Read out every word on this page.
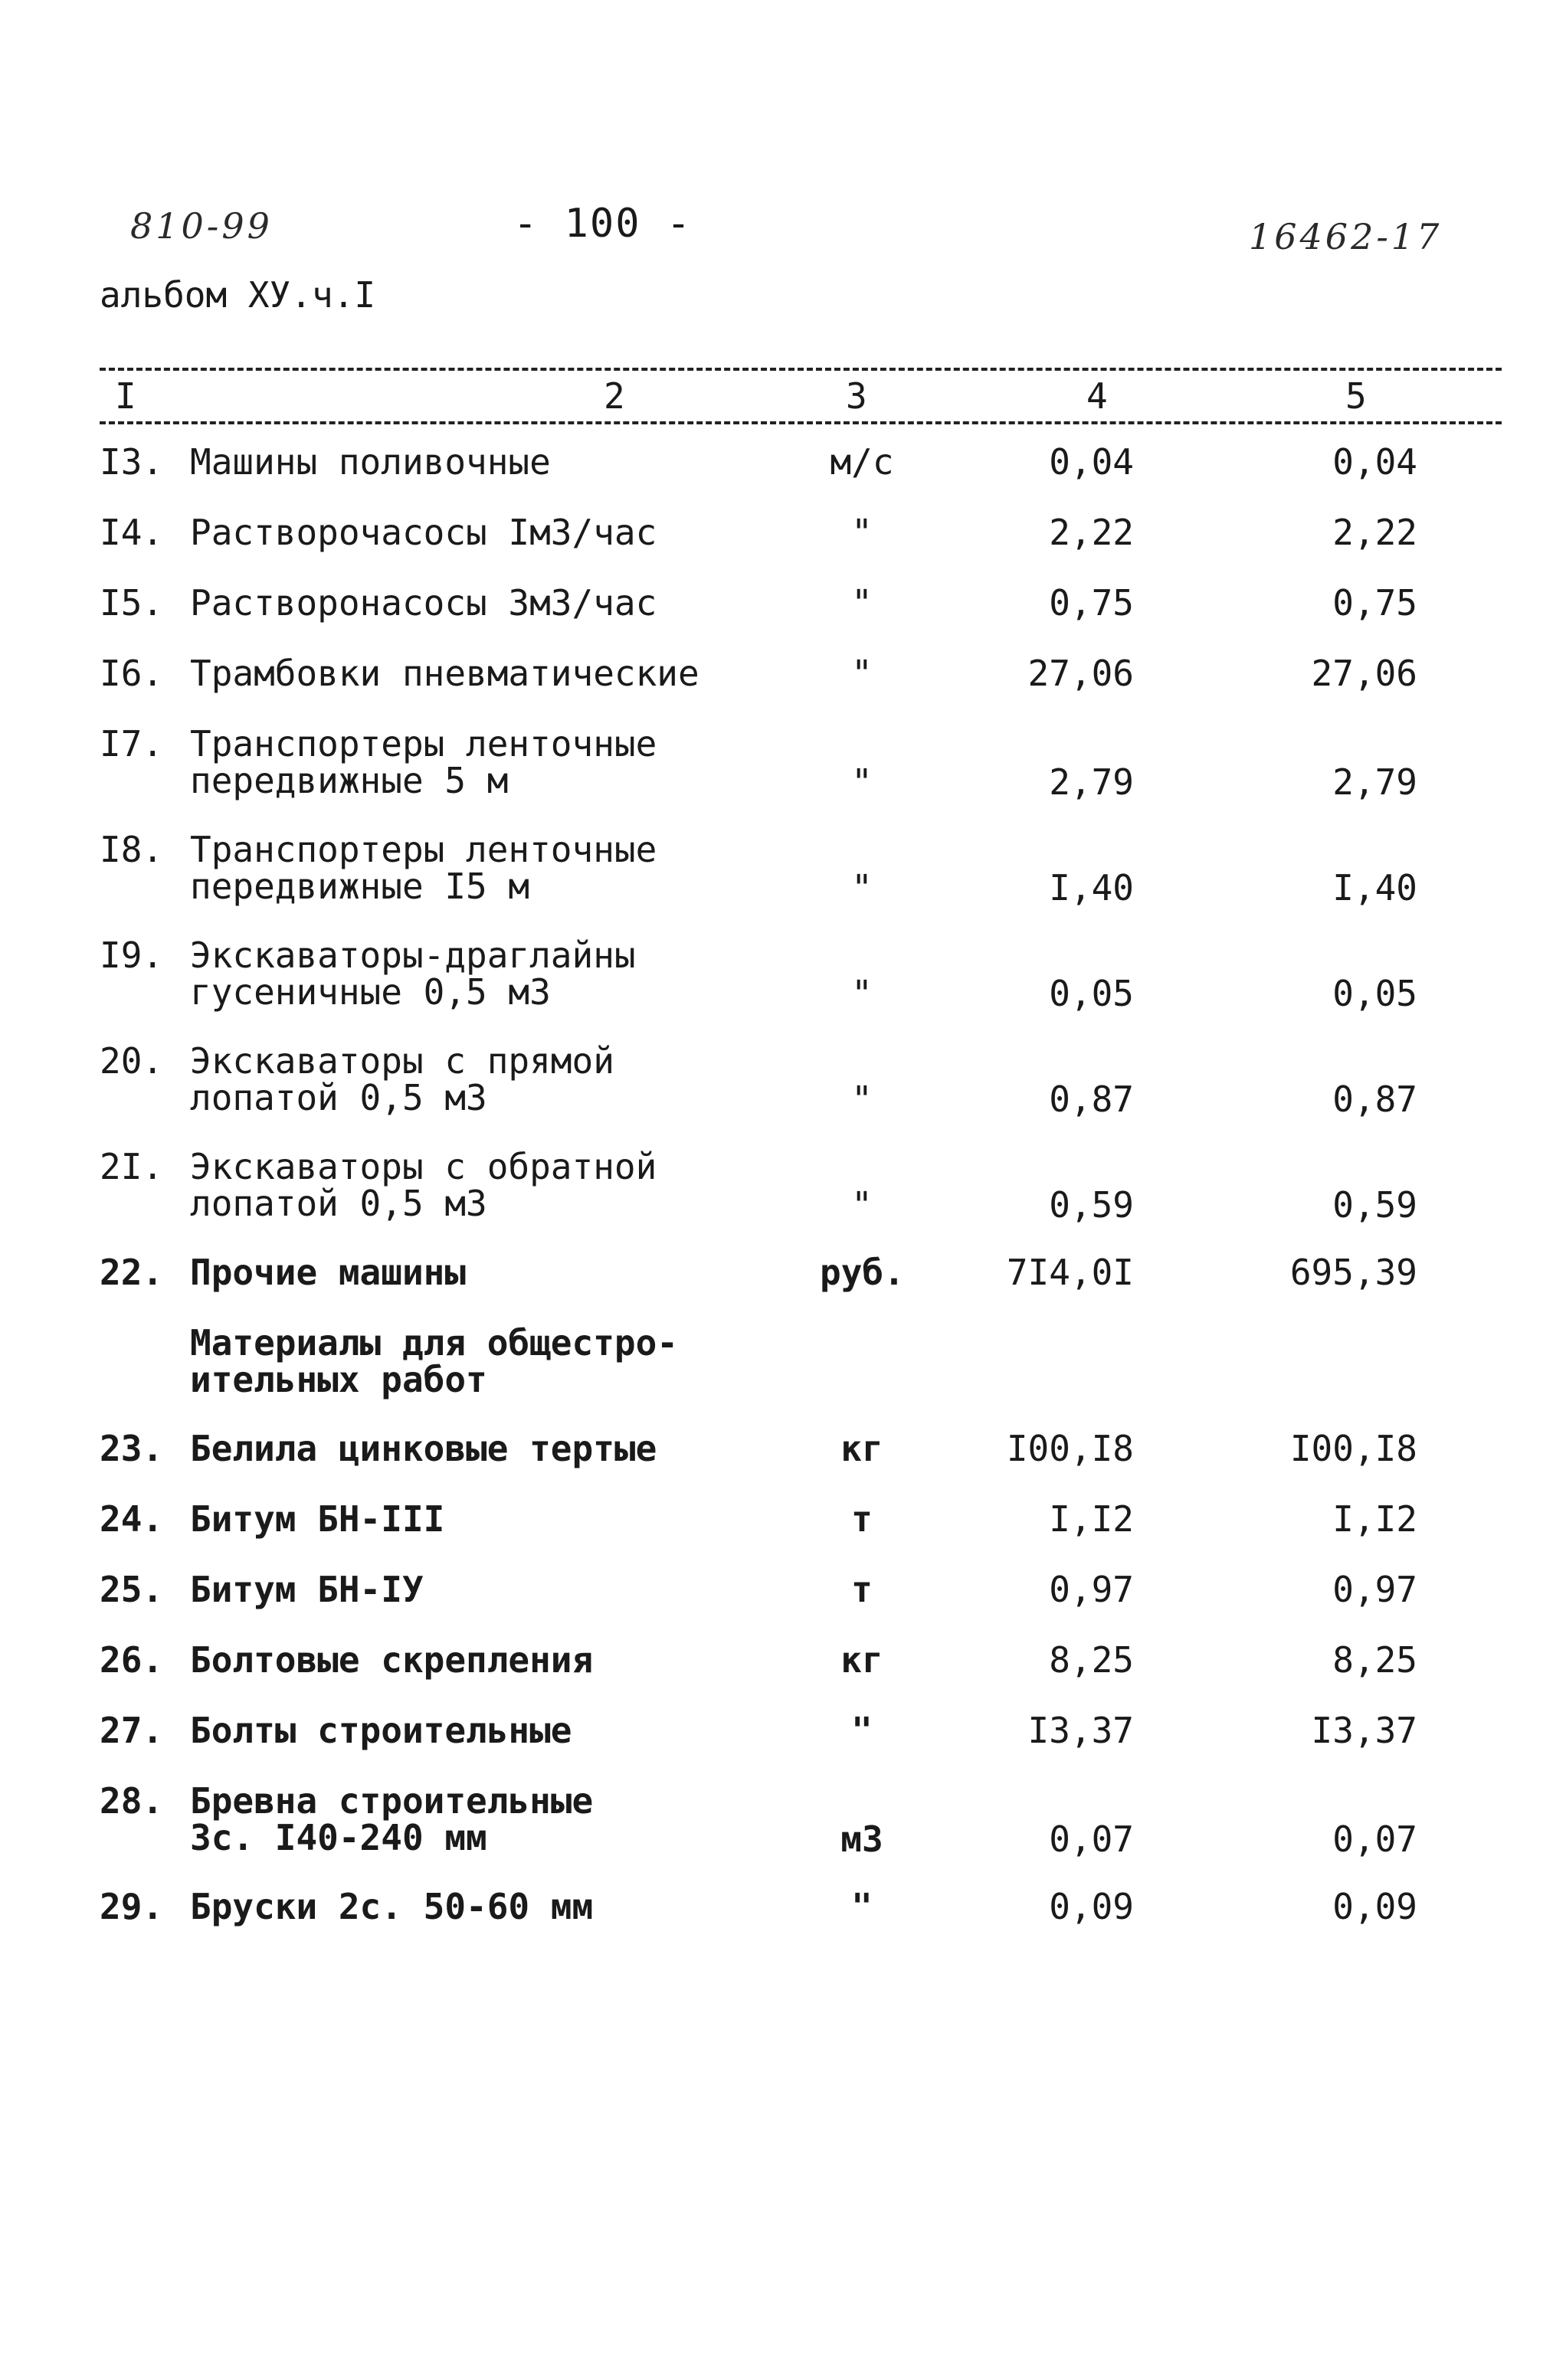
810-99	- 100 -	16462-17
альбом ХУ.ч.I
I	2	3	4	5
I3. Машины поливочные	м/с	0,04	0,04
I4. Растворочасосы Iм3/час	"	2,22	2,22
I5. Растворонасосы 3м3/час	"	0,75	0,75
I6. Трамбовки пневматические	"	27,06	27,06
I7. Транспортеры ленточные
передвижные 5 м	"	2,79	2,79
I8. Транспортеры ленточные
передвижные I5 м	"	I,40	I,40
I9. Экскаваторы-драглайны
гусеничные 0,5 м3	"	0,05	0,05
20. Экскаваторы с прямой
лопатой 0,5 м3	"	0,87	0,87
2I. Экскаваторы с обратной
лопатой 0,5 м3	"	0,59	0,59
22. Прочие машины	руб.	7I4,0I	695,39
Материалы для общестро-
ительных работ
23. Белила цинковые тертые	кг	I00,I8	I00,I8
24. Битум БН-III	т	I,I2	I,I2
25. Битум БН-IУ	т	0,97	0,97
26. Болтовые скрепления	кг	8,25	8,25
27. Болты строительные	"	I3,37	I3,37
28. Бревна строительные
3с. I40-240 мм	м3	0,07	0,07
29. Бруски 2с. 50-60 мм	"	0,09	0,09
